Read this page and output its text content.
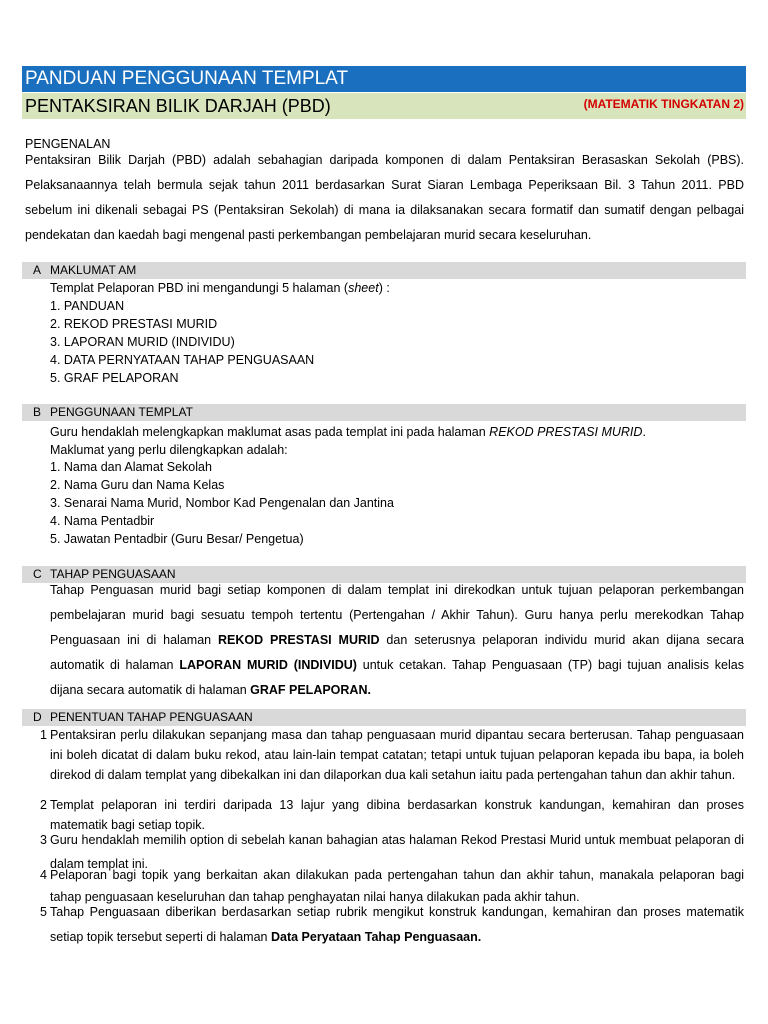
PANDUAN PENGGUNAAN TEMPLAT
PENTAKSIRAN BILIK DARJAH (PBD)	(MATEMATIK TINGKATAN 2)
PENGENALAN
Pentaksiran Bilik Darjah (PBD) adalah sebahagian daripada komponen di dalam Pentaksiran Berasaskan Sekolah (PBS). Pelaksanaannya telah bermula sejak tahun 2011 berdasarkan Surat Siaran Lembaga Peperiksaan Bil. 3 Tahun 2011. PBD sebelum ini dikenali sebagai PS (Pentaksiran Sekolah) di mana ia dilaksanakan secara formatif dan sumatif dengan pelbagai pendekatan dan kaedah bagi mengenal pasti perkembangan pembelajaran murid secara keseluruhan.
A MAKLUMAT AM
Templat Pelaporan PBD ini mengandungi 5 halaman (sheet) :
1. PANDUAN
2. REKOD PRESTASI MURID
3. LAPORAN MURID (INDIVIDU)
4. DATA PERNYATAAN TAHAP PENGUASAAN
5. GRAF PELAPORAN
B PENGGUNAAN TEMPLAT
Guru hendaklah melengkapkan maklumat asas pada templat ini pada halaman REKOD PRESTASI MURID.
Maklumat yang perlu dilengkapkan adalah:
1. Nama dan Alamat Sekolah
2. Nama Guru dan Nama Kelas
3. Senarai Nama Murid, Nombor Kad Pengenalan dan Jantina
4. Nama Pentadbir
5. Jawatan Pentadbir (Guru Besar/ Pengetua)
C TAHAP PENGUASAAN
Tahap Penguasan murid bagi setiap komponen di dalam templat ini direkodkan untuk tujuan pelaporan perkembangan pembelajaran murid bagi sesuatu tempoh tertentu (Pertengahan / Akhir Tahun). Guru hanya perlu merekodkan Tahap Penguasaan ini di halaman REKOD PRESTASI MURID dan seterusnya pelaporan individu murid akan dijana secara automatik di halaman LAPORAN MURID (INDIVIDU) untuk cetakan. Tahap Penguasaan (TP) bagi tujuan analisis kelas dijana secara automatik di halaman GRAF PELAPORAN.
D PENENTUAN TAHAP PENGUASAAN
1 Pentaksiran perlu dilakukan sepanjang masa dan tahap penguasaan murid dipantau secara berterusan. Tahap penguasaan ini boleh dicatat di dalam buku rekod, atau lain-lain tempat catatan; tetapi untuk tujuan pelaporan kepada ibu bapa, ia boleh direkod di dalam templat yang dibekalkan ini dan dilaporkan dua kali setahun iaitu pada pertengahan tahun dan akhir tahun.
2 Templat pelaporan ini terdiri daripada 13 lajur yang dibina berdasarkan konstruk kandungan, kemahiran dan proses matematik bagi setiap topik.
3 Guru hendaklah memilih option di sebelah kanan bahagian atas halaman Rekod Prestasi Murid untuk membuat pelaporan di dalam templat ini.
4 Pelaporan bagi topik yang berkaitan akan dilakukan pada pertengahan tahun dan akhir tahun, manakala pelaporan bagi tahap penguasaan keseluruhan dan tahap penghayatan nilai hanya dilakukan pada akhir tahun.
5 Tahap Penguasaan diberikan berdasarkan setiap rubrik mengikut konstruk kandungan, kemahiran dan proses matematik setiap topik tersebut seperti di halaman Data Peryataan Tahap Penguasaan.
